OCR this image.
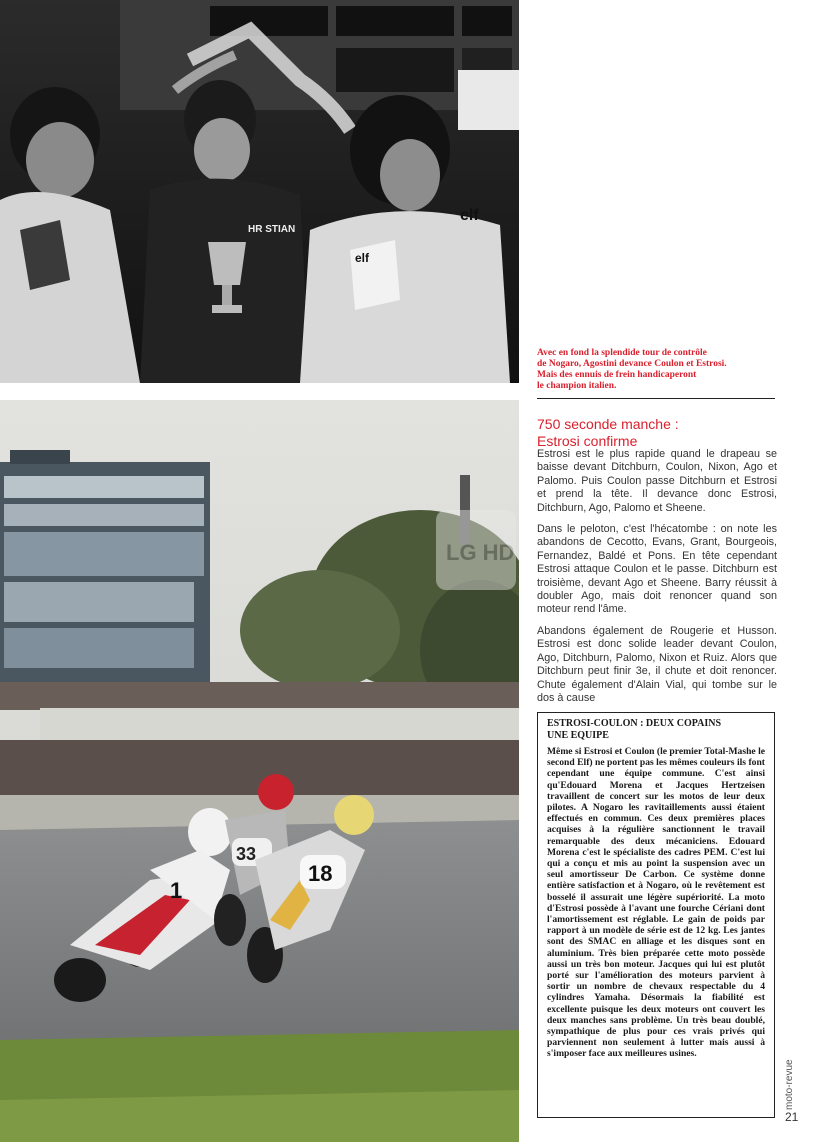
elf
elf
HR STIAN

Avec en fond la splendide tour de contrôle
de Nogaro, Agostini devance Coulon et Estrosi.
Mais des ennuis de frein handicaperont
le champion italien.

1
33
18
LG HD
750 seconde manche :
Estrosi confirme

Estrosi est le plus rapide quand le drapeau se baisse devant Ditchburn, Coulon, Nixon, Ago et Palomo. Puis Coulon passe Ditchburn et Estrosi et prend la tête. Il devance donc Estrosi, Ditchburn, Ago, Palomo et Sheene.

Dans le peloton, c'est l'hécatombe : on note les abandons de Cecotto, Evans, Grant, Bourgeois, Fernandez, Baldé et Pons. En tête cependant Estrosi attaque Coulon et le passe. Ditchburn est troisième, devant Ago et Sheene. Barry réussit à doubler Ago, mais doit renoncer quand son moteur rend l'âme.

Abandons également de Rougerie et Husson. Estrosi est donc solide leader devant Coulon, Ago, Ditchburn, Palomo, Nixon et Ruiz. Alors que Ditchburn peut finir 3e, il chute et doit renoncer. Chute également d'Alain Vial, qui tombe sur le dos à cause

ESTROSI-COULON : DEUX COPAINS
UNE EQUIPE

Même si Estrosi et Coulon (le premier Total-Mashe le second Elf) ne portent pas les mêmes couleurs ils font cependant une équipe commune. C'est ainsi qu'Edouard Morena et Jacques Hertzeisen travaillent de concert sur les motos de leur deux pilotes. A Nogaro les ravitaillements aussi étaient effectués en commun. Ces deux premières places acquises à la régulière sanctionnent le travail remarquable des deux mécaniciens. Edouard Morena c'est le spécialiste des cadres PEM. C'est lui qui a conçu et mis au point la suspension avec un seul amortisseur De Carbon. Ce système donne entière satisfaction et à Nogaro, où le revêtement est bosselé il assurait une légère supériorité. La moto d'Estrosi possède à l'avant une fourche Cériani dont l'amortissement est réglable. Le gain de poids par rapport à un modèle de série est de 12 kg. Les jantes sont des SMAC en alliage et les disques sont en aluminium. Très bien préparée cette moto possède aussi un très bon moteur. Jacques qui lui est plutôt porté sur l'amélioration des moteurs parvient à sortir un nombre de chevaux respectable du 4 cylindres Yamaha. Désormais la fiabilité est excellente puisque les deux moteurs ont couvert les deux manches sans problème. Un très beau doublé, sympathique de plus pour ces vrais privés qui parviennent non seulement à lutter mais aussi à s'imposer face aux meilleures usines.

moto-revue
21
